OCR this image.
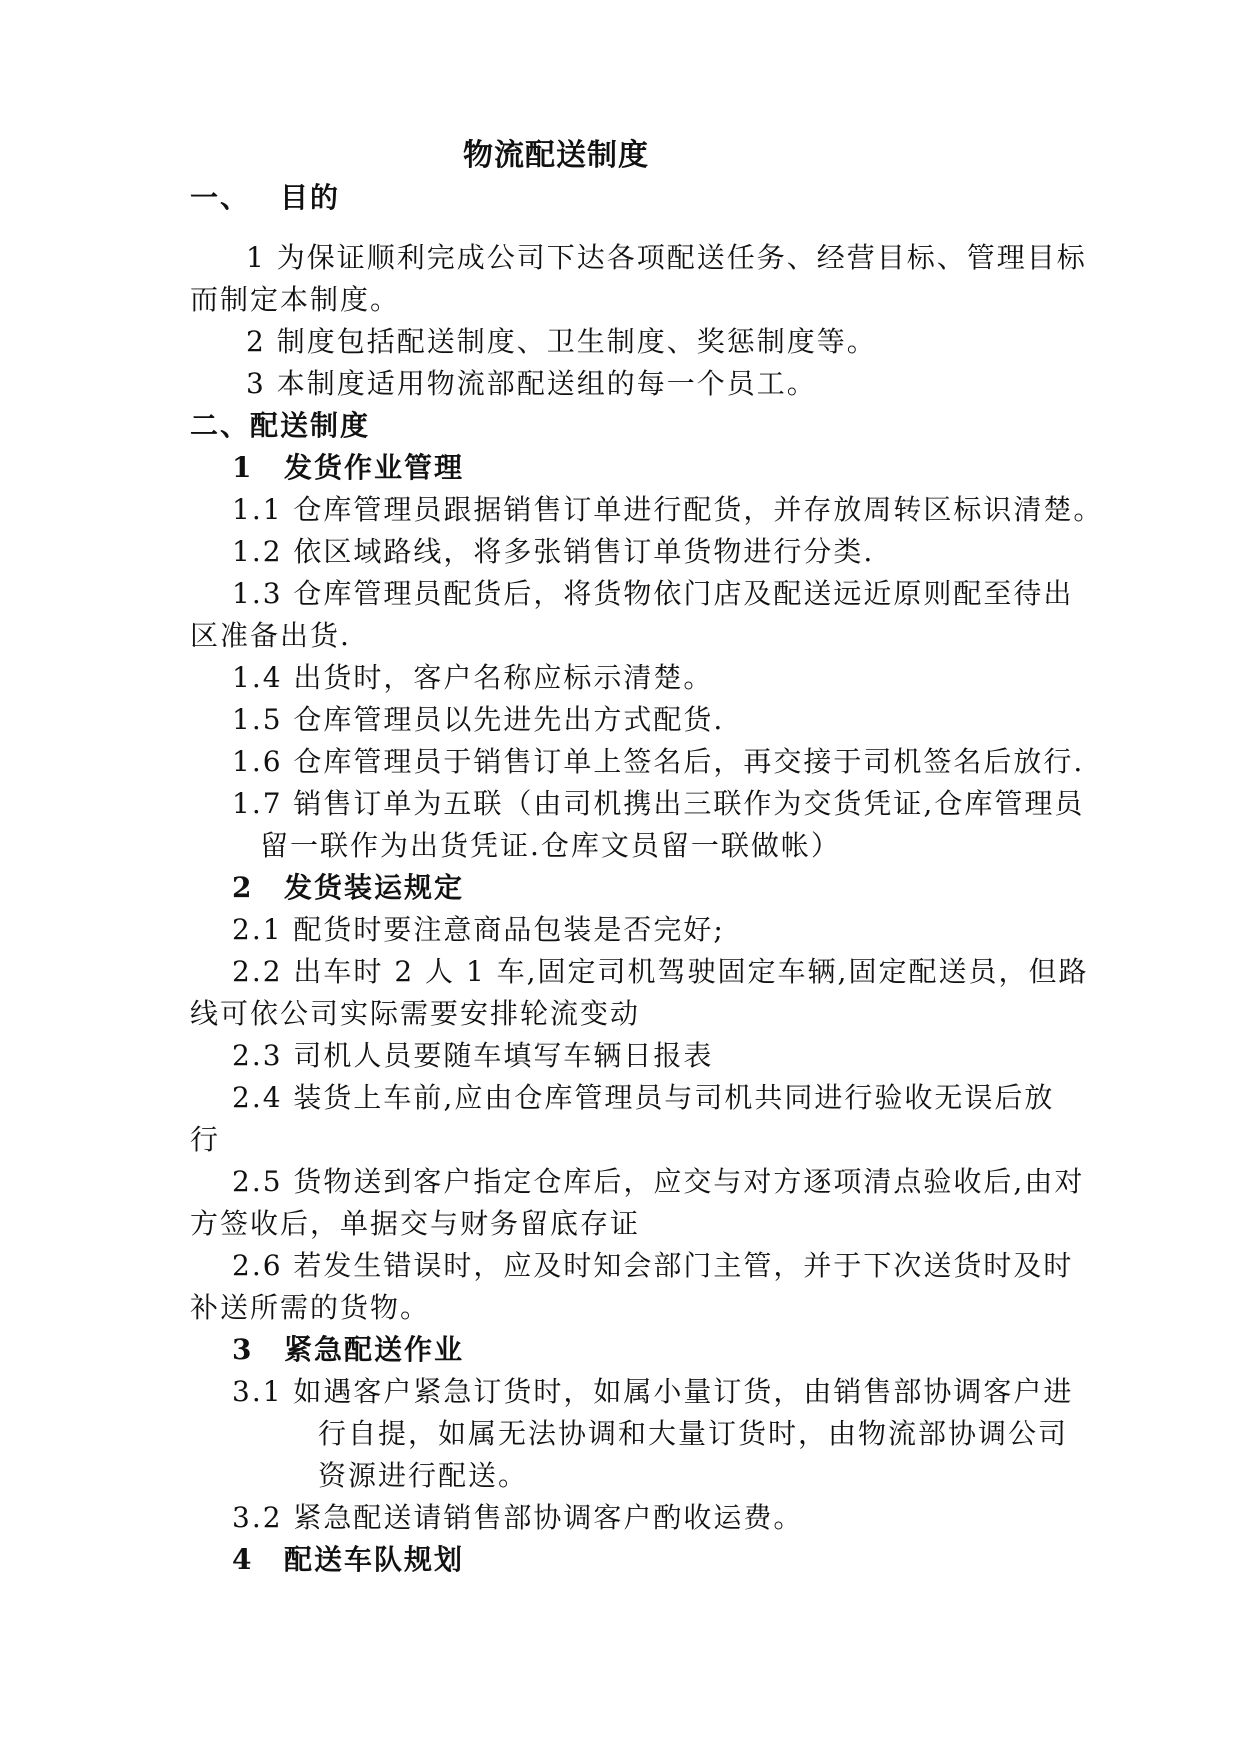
物流配送制度
一、 目的
1 为保证顺利完成公司下达各项配送任务、经营目标、管理目标
而制定本制度。
2 制度包括配送制度、卫生制度、奖惩制度等。
3 本制度适用物流部配送组的每一个员工。
二、配送制度
1 发货作业管理
1.1 仓库管理员跟据销售订单进行配货，并存放周转区标识清楚。
1.2 依区域路线，将多张销售订单货物进行分类.
1.3 仓库管理员配货后，将货物依门店及配送远近原则配至待出
区准备出货.
1.4 出货时，客户名称应标示清楚。
1.5 仓库管理员以先进先出方式配货.
1.6 仓库管理员于销售订单上签名后，再交接于司机签名后放行.
1.7 销售订单为五联（由司机携出三联作为交货凭证,仓库管理员
留一联作为出货凭证.仓库文员留一联做帐）
2 发货装运规定
2.1 配货时要注意商品包装是否完好;
2.2 出车时 2 人 1 车,固定司机驾驶固定车辆,固定配送员，但路
线可依公司实际需要安排轮流变动
2.3 司机人员要随车填写车辆日报表
2.4 装货上车前,应由仓库管理员与司机共同进行验收无误后放
行
2.5 货物送到客户指定仓库后，应交与对方逐项清点验收后,由对
方签收后，单据交与财务留底存证
2.6 若发生错误时，应及时知会部门主管，并于下次送货时及时
补送所需的货物。
3 紧急配送作业
3.1 如遇客户紧急订货时，如属小量订货，由销售部协调客户进
行自提，如属无法协调和大量订货时，由物流部协调公司
资源进行配送。
3.2 紧急配送请销售部协调客户酌收运费。
4 配送车队规划
